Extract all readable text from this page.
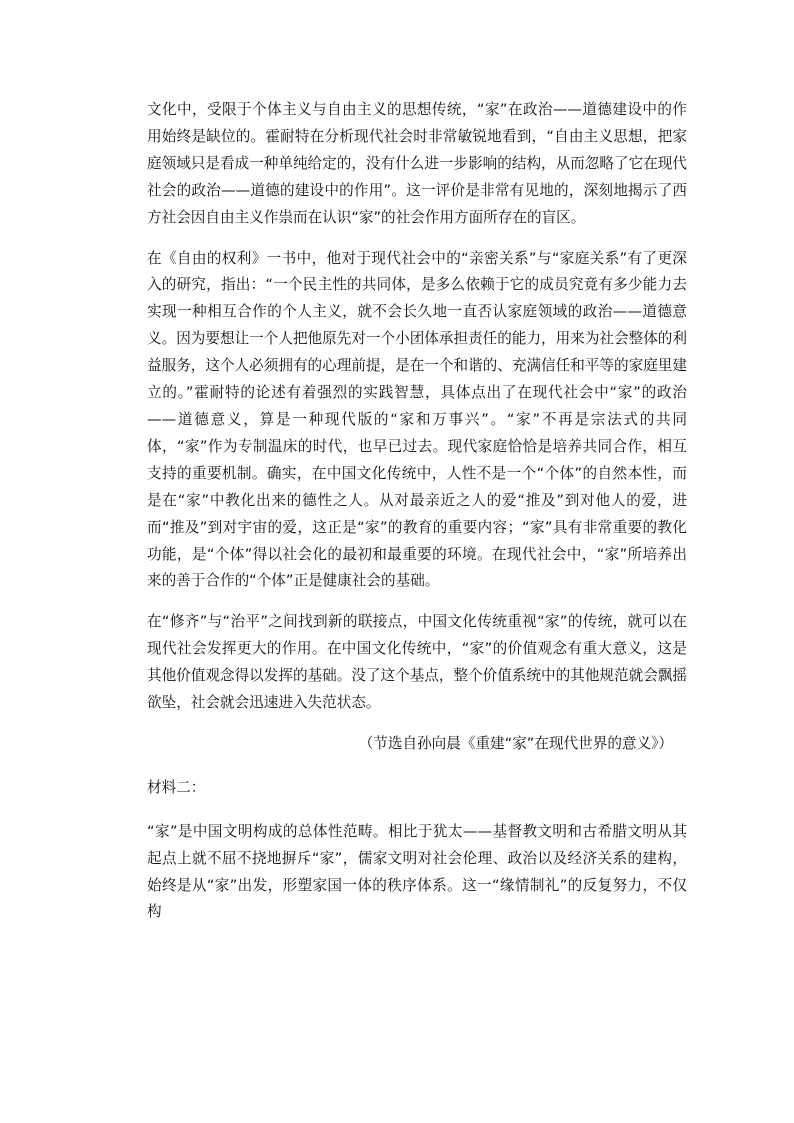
文化中，受限于个体主义与自由主义的思想传统，“家”在政治——道德建设中的作用始终是缺位的。霍耐特在分析现代社会时非常敏锐地看到，“自由主义思想，把家庭领域只是看成一种单纯给定的，没有什么进一步影响的结构，从而忽略了它在现代社会的政治——道德的建设中的作用”。这一评价是非常有见地的，深刻地揭示了西方社会因自由主义作祟而在认识“家”的社会作用方面所存在的盲区。

在《自由的权利》一书中，他对于现代社会中的“亲密关系”与“家庭关系”有了更深入的研究，指出：“一个民主性的共同体，是多么依赖于它的成员究竟有多少能力去实现一种相互合作的个人主义，就不会长久地一直否认家庭领域的政治——道德意义。因为要想让一个人把他原先对一个小团体承担责任的能力，用来为社会整体的利益服务，这个人必须拥有的心理前提，是在一个和谐的、充满信任和平等的家庭里建立的。”霍耐特的论述有着强烈的实践智慧，具体点出了在现代社会中“家”的政治——道德意义，算是一种现代版的“家和万事兴”。“家”不再是宗法式的共同体，“家”作为专制温床的时代，也早已过去。现代家庭恰恰是培养共同合作，相互支持的重要机制。确实，在中国文化传统中，人性不是一个“个体”的自然本性，而是在“家”中教化出来的德性之人。从对最亲近之人的爱“推及”到对他人的爱，进而“推及”到对宇宙的爱，这正是“家”的教育的重要内容；“家”具有非常重要的教化功能，是“个体”得以社会化的最初和最重要的环境。在现代社会中，“家”所培养出来的善于合作的“个体”正是健康社会的基础。

在“修齐”与“治平”之间找到新的联接点，中国文化传统重视“家”的传统，就可以在现代社会发挥更大的作用。在中国文化传统中，“家”的价值观念有重大意义，这是其他价值观念得以发挥的基础。没了这个基点，整个价值系统中的其他规范就会飘摇欲坠，社会就会迅速进入失范状态。

（节选自孙向晨《重建“家”在现代世界的意义》）

材料二：

“家”是中国文明构成的总体性范畴。相比于犹太——基督教文明和古希腊文明从其起点上就不屈不挠地摒斥“家”，儒家文明对社会伦理、政治以及经济关系的建构，始终是从“家”出发，形塑家国一体的秩序体系。这一“缘情制礼”的反复努力，不仅构
